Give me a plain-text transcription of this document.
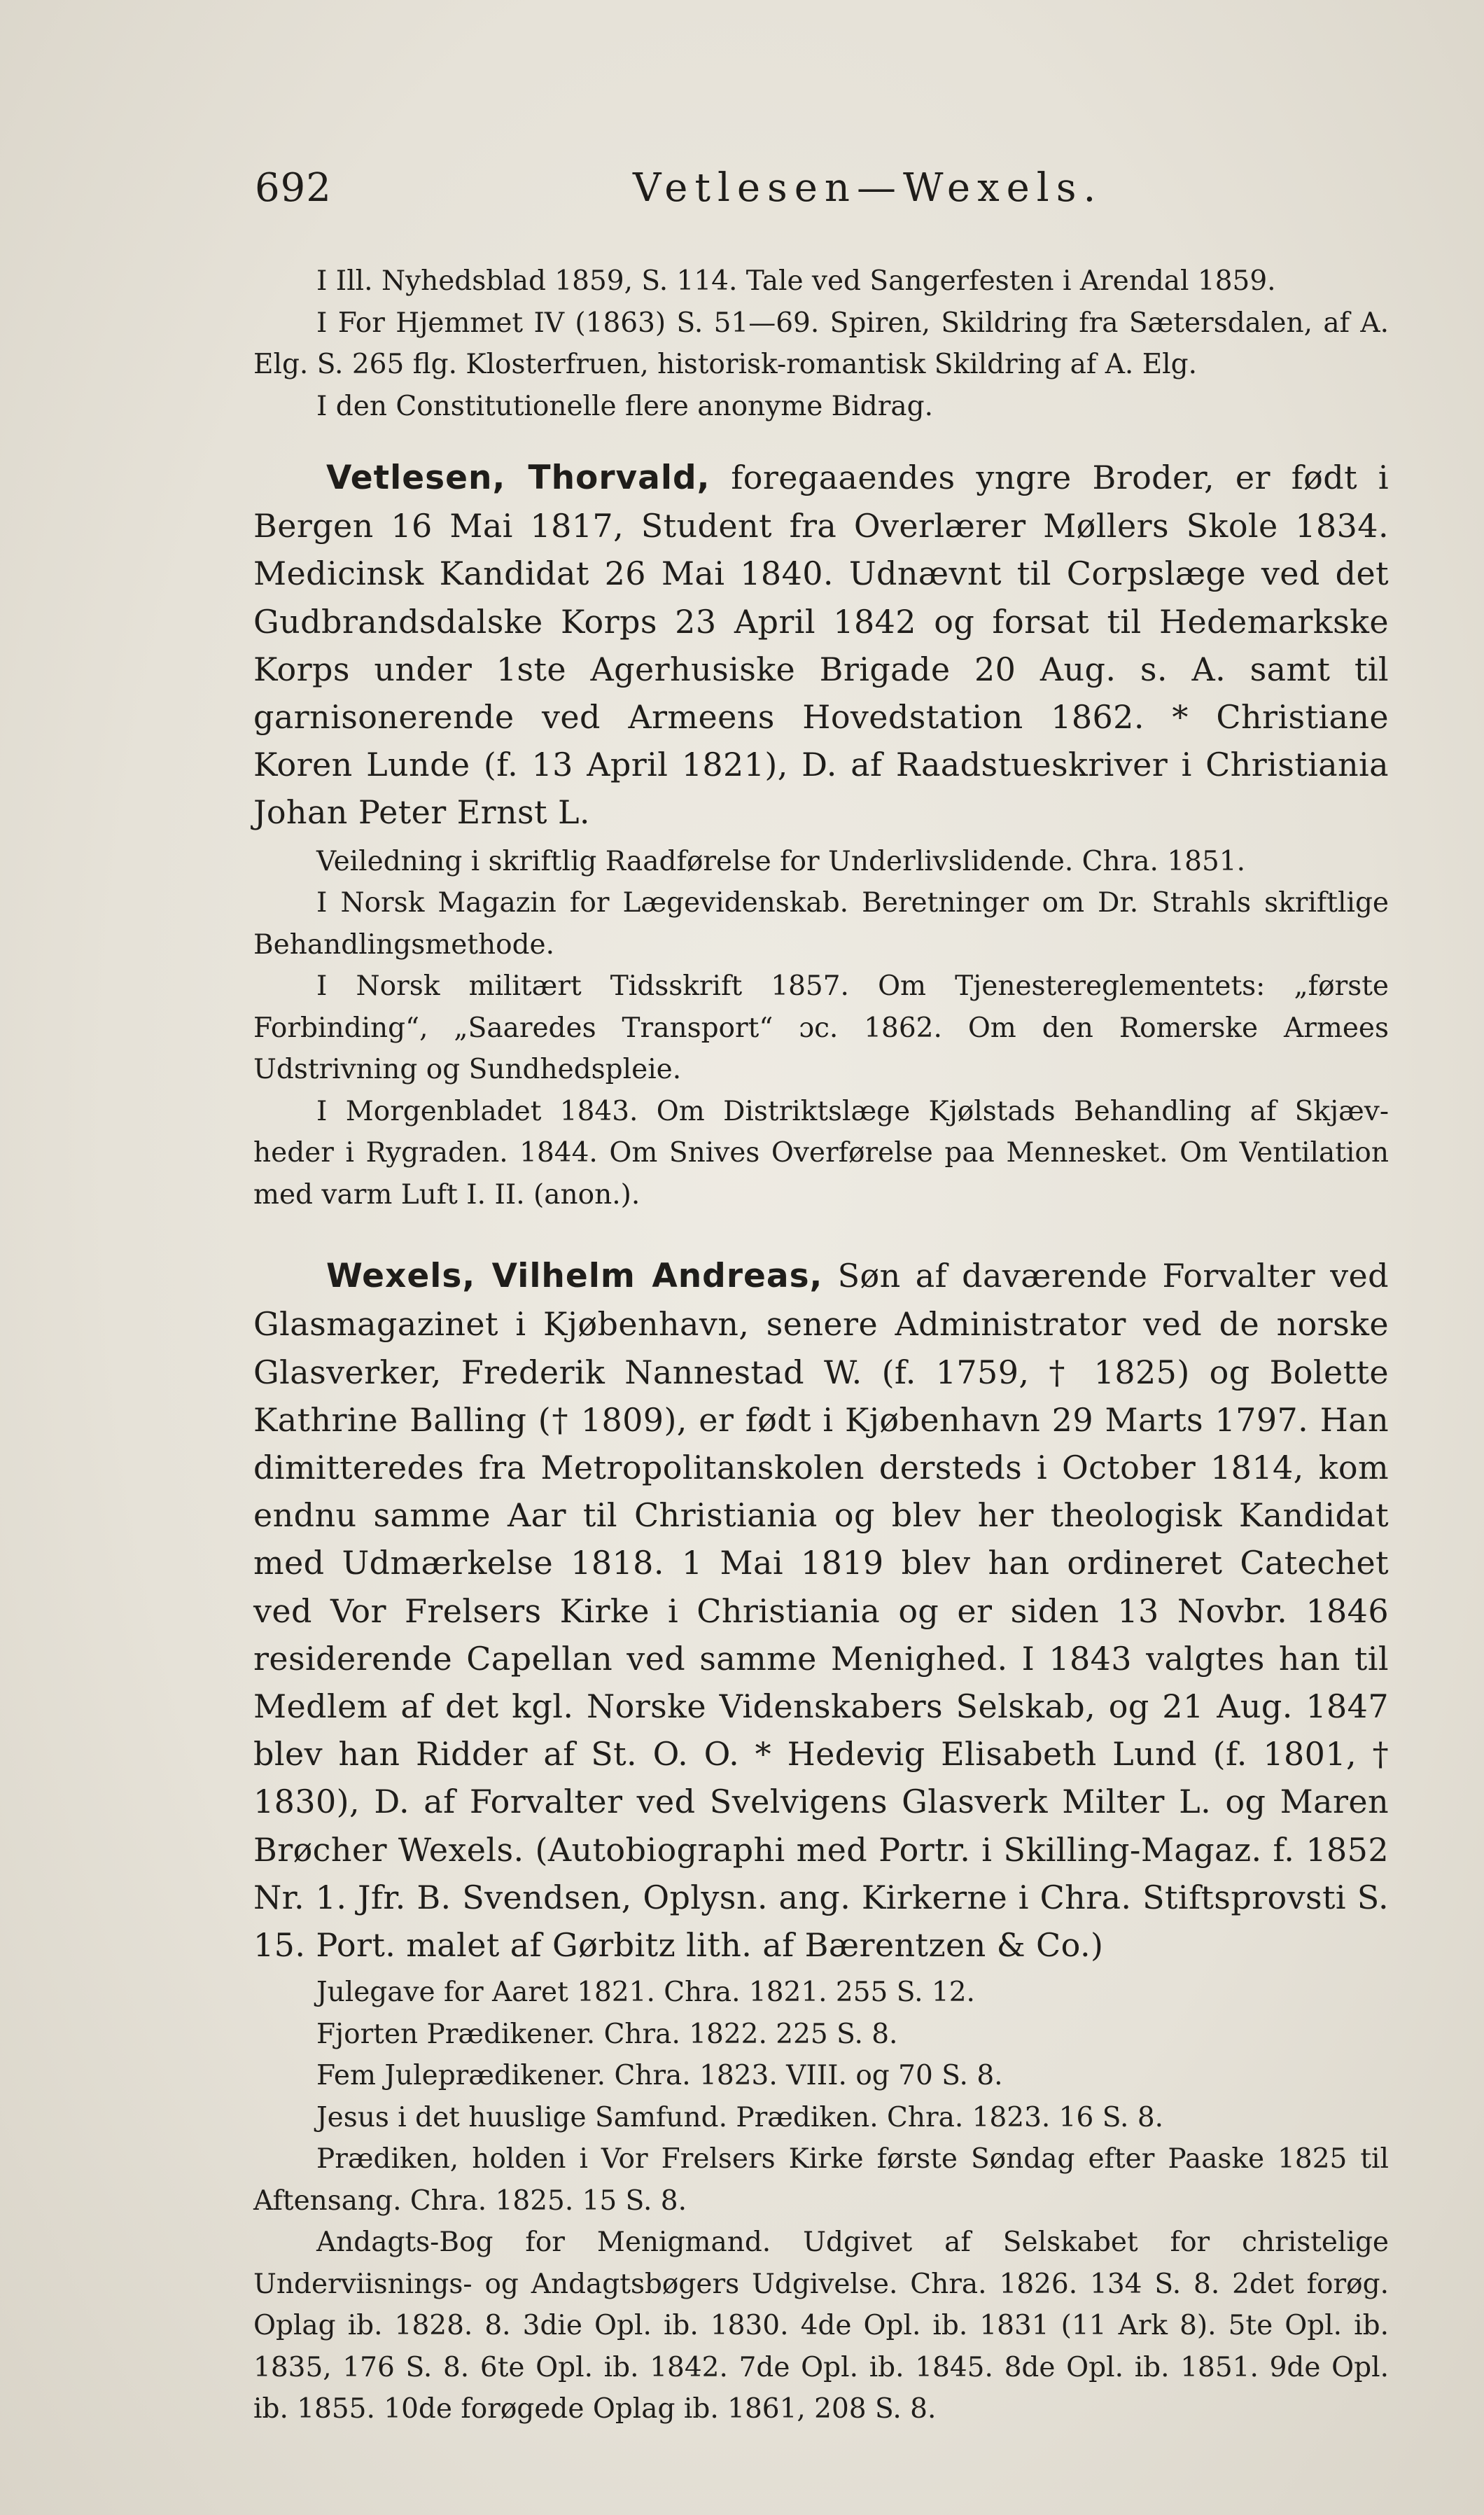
692	Vetlesen—Wexels.

I Ill. Nyhedsblad 1859, S. 114. Tale ved Sangerfesten i Arendal 1859.

I For Hjemmet IV (1863) S. 51—69. Spiren, Skildring fra Sætersdalen, af A. Elg. S. 265 flg. Klosterfruen, historisk-romantisk Skildring af A. Elg.

I den Constitutionelle flere anonyme Bidrag.

Vetlesen, Thorvald, foregaaendes yngre Broder, er født i Bergen 16 Mai 1817, Student fra Overlærer Møllers Skole 1834. Medicinsk Kandidat 26 Mai 1840. Udnævnt til Corpslæge ved det Gudbrandsdalske Korps 23 April 1842 og forsat til Hedemarkske Korps under 1ste Agerhusiske Brigade 20 Aug. s. A. samt til garnisonerende ved Armeens Hovedstation 1862. * Christiane Koren Lunde (f. 13 April 1821), D. af Raadstueskriver i Christiania Johan Peter Ernst L.

Veiledning i skriftlig Raadførelse for Underlivslidende. Chra. 1851.

I Norsk Magazin for Lægevidenskab. Beretninger om Dr. Strahls skriftlige Behandlingsmethode.

I Norsk militært Tidsskrift 1857. Om Tjenestereglementets: „første Forbinding“, „Saaredes Transport“ ɔc. 1862. Om den Romerske Armees Udstrivning og Sundhedspleie.

I Morgenbladet 1843. Om Distriktslæge Kjølstads Behandling af Skjæv-heder i Rygraden. 1844. Om Snives Overførelse paa Mennesket. Om Ventilation med varm Luft I. II. (anon.).

Wexels, Vilhelm Andreas, Søn af daværende Forvalter ved Glasmagazinet i Kjøbenhavn, senere Administrator ved de norske Glasverker, Frederik Nannestad W. (f. 1759, † 1825) og Bolette Kathrine Balling († 1809), er født i Kjøbenhavn 29 Marts 1797. Han dimitteredes fra Metropolitanskolen dersteds i October 1814, kom endnu samme Aar til Christiania og blev her theologisk Kandidat med Udmærkelse 1818. 1 Mai 1819 blev han ordineret Catechet ved Vor Frelsers Kirke i Christiania og er siden 13 Novbr. 1846 residerende Capellan ved samme Menighed. I 1843 valgtes han til Medlem af det kgl. Norske Videnskabers Selskab, og 21 Aug. 1847 blev han Ridder af St. O. O. * Hedevig Elisabeth Lund (f. 1801, † 1830), D. af Forvalter ved Svelvigens Glasverk Milter L. og Maren Brøcher Wexels. (Autobiographi med Portr. i Skilling-Magaz. f. 1852 Nr. 1. Jfr. B. Svendsen, Oplysn. ang. Kirkerne i Chra. Stiftsprovsti S. 15. Port. malet af Gørbitz lith. af Bærentzen & Co.)

Julegave for Aaret 1821. Chra. 1821. 255 S. 12.

Fjorten Prædikener. Chra. 1822. 225 S. 8.

Fem Juleprædikener. Chra. 1823. VIII. og 70 S. 8.

Jesus i det huuslige Samfund. Prædiken. Chra. 1823. 16 S. 8.

Prædiken, holden i Vor Frelsers Kirke første Søndag efter Paaske 1825 til Aftensang. Chra. 1825. 15 S. 8.

Andagts-Bog for Menigmand. Udgivet af Selskabet for christelige Underviisnings- og Andagtsbøgers Udgivelse. Chra. 1826. 134 S. 8. 2det forøg. Oplag ib. 1828. 8. 3die Opl. ib. 1830. 4de Opl. ib. 1831 (11 Ark 8). 5te Opl. ib. 1835, 176 S. 8. 6te Opl. ib. 1842. 7de Opl. ib. 1845. 8de Opl. ib. 1851. 9de Opl. ib. 1855. 10de forøgede Oplag ib. 1861, 208 S. 8.
